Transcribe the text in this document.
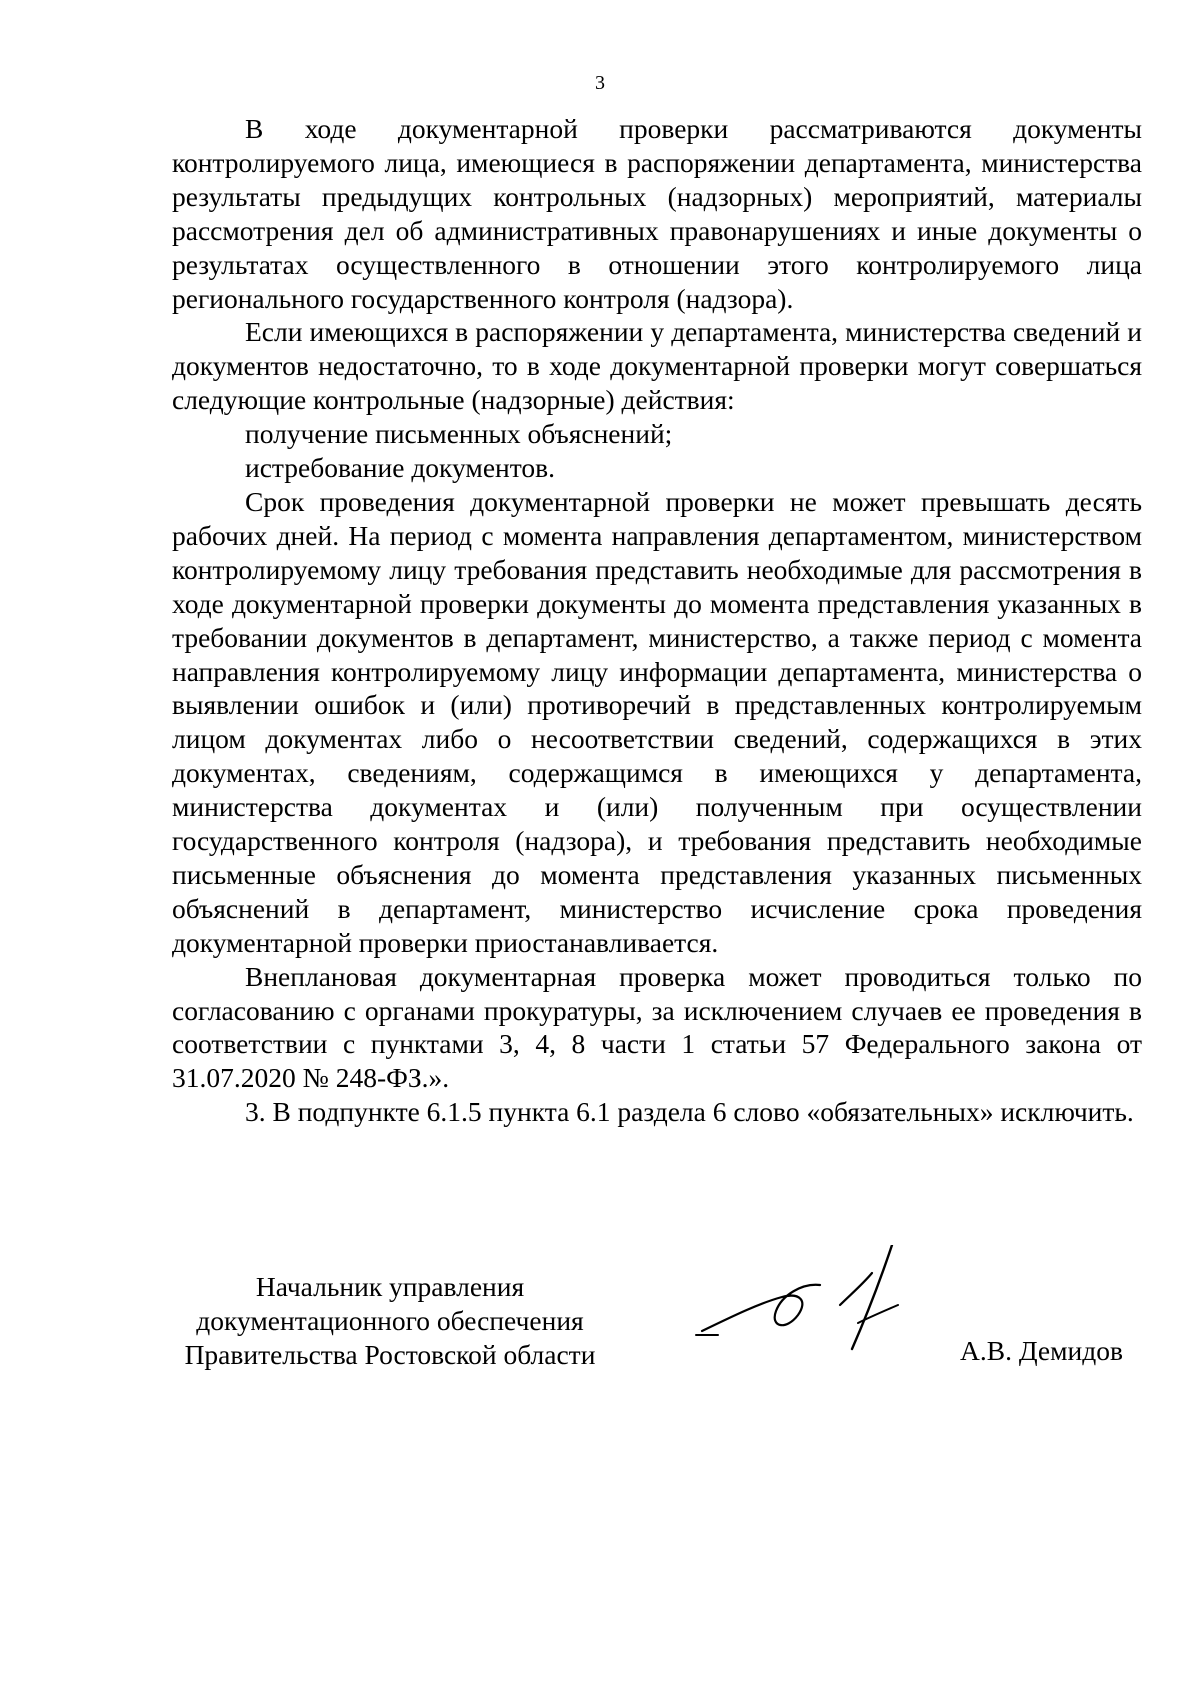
3

В ходе документарной проверки рассматриваются документы контролируемого лица, имеющиеся в распоряжении департамента, министерства результаты предыдущих контрольных (надзорных) мероприятий, материалы рассмотрения дел об административных правонарушениях и иные документы о результатах осуществленного в отношении этого контролируемого лица регионального государственного контроля (надзора).

Если имеющихся в распоряжении у департамента, министерства сведений и документов недостаточно, то в ходе документарной проверки могут совершаться следующие контрольные (надзорные) действия:

получение письменных объяснений;

истребование документов.

Срок проведения документарной проверки не может превышать десять рабочих дней. На период с момента направления департаментом, министерством контролируемому лицу требования представить необходимые для рассмотрения в ходе документарной проверки документы до момента представления указанных в требовании документов в департамент, министерство, а также период с момента направления контролируемому лицу информации департамента, министерства о выявлении ошибок и (или) противоречий в представленных контролируемым лицом документах либо о несоответствии сведений, содержащихся в этих документах, сведениям, содержащимся в имеющихся у департамента, министерства документах и (или) полученным при осуществлении государственного контроля (надзора), и требования представить необходимые письменные объяснения до момента представления указанных письменных объяснений в департамент, министерство исчисление срока проведения документарной проверки приостанавливается.

Внеплановая документарная проверка может проводиться только по согласованию с органами прокуратуры, за исключением случаев ее проведения в соответствии с пунктами 3, 4, 8 части 1 статьи 57 Федерального закона от 31.07.2020 № 248-ФЗ.».

3. В подпункте 6.1.5 пункта 6.1 раздела 6 слово «обязательных» исключить.

Начальник управления
документационного обеспечения
Правительства Ростовской области	А.В. Демидов
